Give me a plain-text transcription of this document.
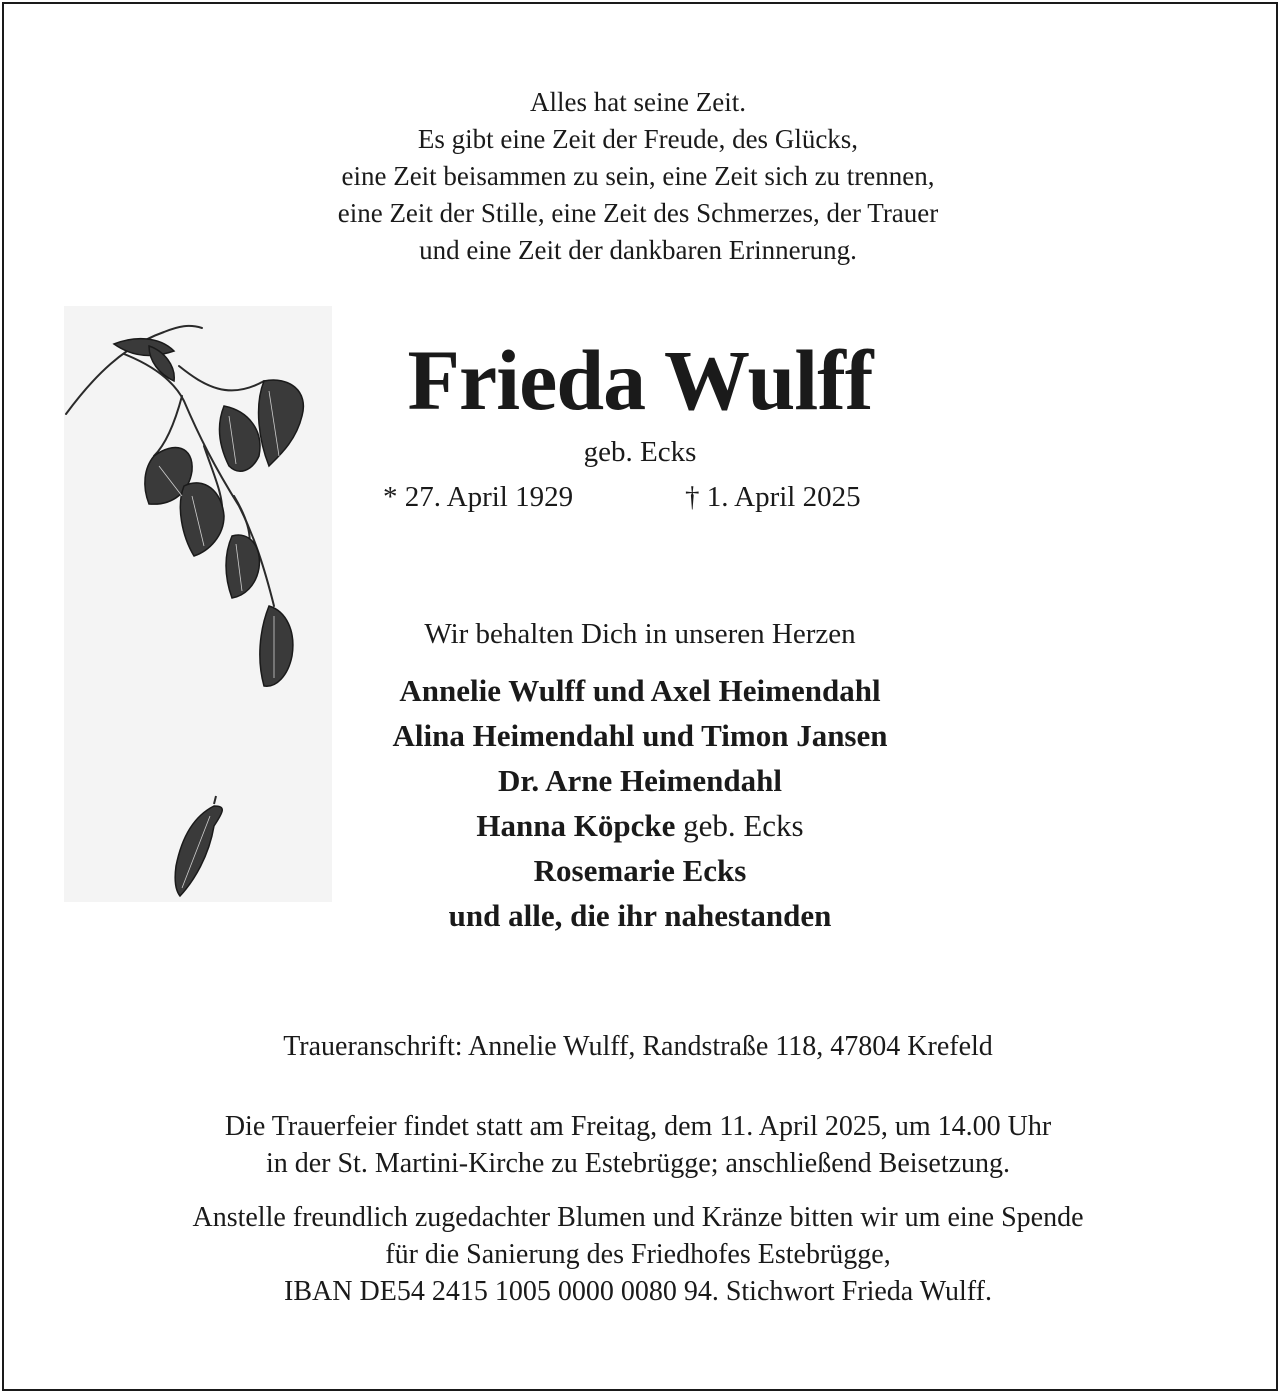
Alles hat seine Zeit.
Es gibt eine Zeit der Freude, des Glücks,
eine Zeit beisammen zu sein, eine Zeit sich zu trennen,
eine Zeit der Stille, eine Zeit des Schmerzes, der Trauer
und eine Zeit der dankbaren Erinnerung.
Frieda Wulff
geb. Ecks
* 27. April 1929	† 1. April 2025
Wir behalten Dich in unseren Herzen
Annelie Wulff und Axel Heimendahl
Alina Heimendahl und Timon Jansen
Dr. Arne Heimendahl
Hanna Köpcke geb. Ecks
Rosemarie Ecks
und alle, die ihr nahestanden
Traueranschrift: Annelie Wulff, Randstraße 118, 47804 Krefeld
Die Trauerfeier findet statt am Freitag, dem 11. April 2025, um 14.00 Uhr
in der St. Martini-Kirche zu Estebrügge; anschließend Beisetzung.
Anstelle freundlich zugedachter Blumen und Kränze bitten wir um eine Spende
für die Sanierung des Friedhofes Estebrügge,
IBAN DE54 2415 1005 0000 0080 94. Stichwort Frieda Wulff.
